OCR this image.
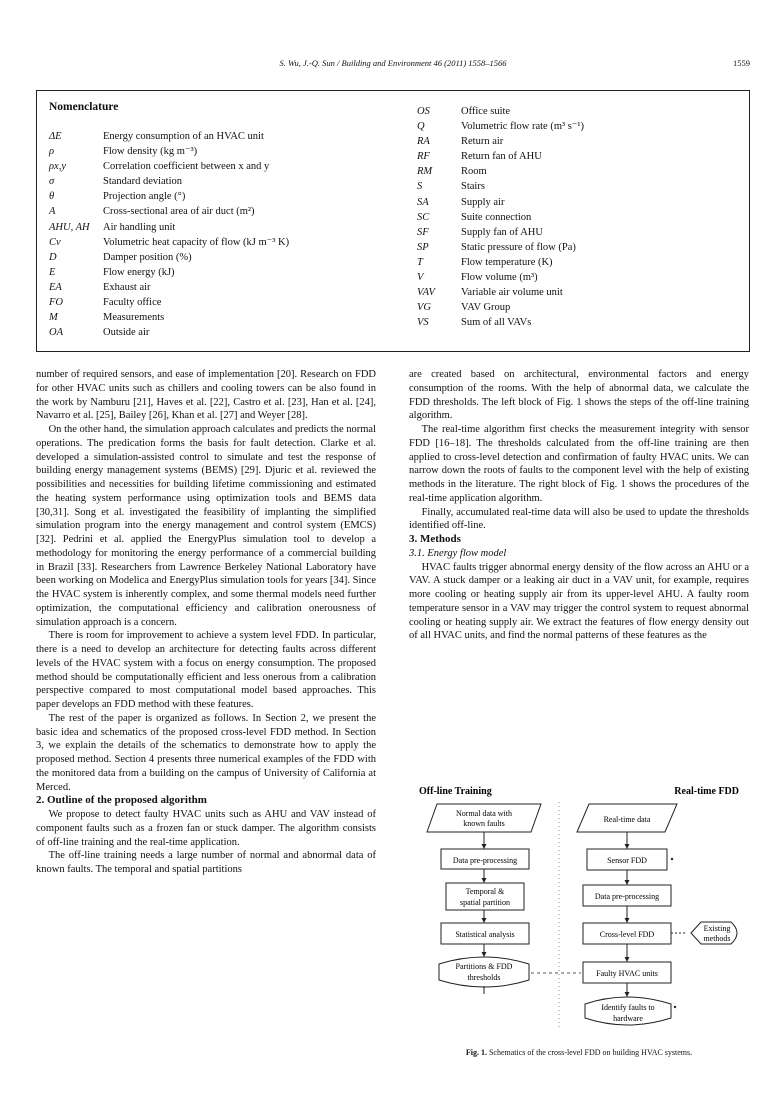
S. Wu, J.-Q. Sun / Building and Environment 46 (2011) 1558–1566	1559
Nomenclature
ΔE	Energy consumption of an HVAC unit
ρ	Flow density (kg m⁻³)
ρx,y	Correlation coefficient between x and y
σ	Standard deviation
θ	Projection angle (°)
A	Cross-sectional area of air duct (m²)
AHU, AH	Air handling unit
Cv	Volumetric heat capacity of flow (kJ m⁻³ K)
D	Damper position (%)
E	Flow energy (kJ)
EA	Exhaust air
FO	Faculty office
M	Measurements
OA	Outside air
OS	Office suite
Q	Volumetric flow rate (m³ s⁻¹)
RA	Return air
RF	Return fan of AHU
RM	Room
S	Stairs
SA	Supply air
SC	Suite connection
SF	Supply fan of AHU
SP	Static pressure of flow (Pa)
T	Flow temperature (K)
V	Flow volume (m³)
VAV	Variable air volume unit
VG	VAV Group
VS	Sum of all VAVs

number of required sensors, and ease of implementation [20]. Research on FDD for other HVAC units such as chillers and cooling towers can be also found in the work by Namburu [21], Haves et al. [22], Castro et al. [23], Han et al. [24], Navarro et al. [25], Bailey [26], Khan et al. [27] and Weyer [28].

On the other hand, the simulation approach calculates and predicts the normal operations. The predication forms the basis for fault detection. Clarke et al. developed a simulation-assisted control to simulate and test the response of building energy management systems (BEMS) [29]. Djuric et al. reviewed the possibilities and necessities for building lifetime commissioning and estimated the heating system performance using optimization tools and BEMS data [30,31]. Song et al. investigated the feasibility of implanting the simplified simulation program into the energy management and control system (EMCS) [32]. Pedrini et al. applied the EnergyPlus simulation tool to develop a methodology for monitoring the energy performance of a commercial building in Brazil [33]. Researchers from Lawrence Berkeley National Laboratory have been working on Modelica and EnergyPlus simulation tools for years [34]. Since the HVAC system is inherently complex, and some thermal models need further optimization, the computational efficiency and calibration onerousness of simulation approach is a concern.

There is room for improvement to achieve a system level FDD. In particular, there is a need to develop an architecture for detecting faults across different levels of the HVAC system with a focus on energy consumption. The proposed method should be computationally efficient and less onerous from a calibration perspective compared to most computational model based approaches. This paper develops an FDD method with these features.

The rest of the paper is organized as follows. In Section 2, we present the basic idea and schematics of the proposed cross-level FDD method. In Section 3, we explain the details of the schematics to demonstrate how to apply the proposed method. Section 4 presents three numerical examples of the FDD with the monitored data from a building on the campus of University of California at Merced.

2. Outline of the proposed algorithm

We propose to detect faulty HVAC units such as AHU and VAV instead of component faults such as a frozen fan or stuck damper. The algorithm consists of off-line training and the real-time application.

The off-line training needs a large number of normal and abnormal data of known faults. The temporal and spatial partitions

are created based on architectural, environmental factors and energy consumption of the rooms. With the help of abnormal data, we calculate the FDD thresholds. The left block of Fig. 1 shows the steps of the off-line training algorithm.

The real-time algorithm first checks the measurement integrity with sensor FDD [16–18]. The thresholds calculated from the off-line training are then applied to cross-level detection and confirmation of faulty HVAC units. We can narrow down the roots of faults to the component level with the help of existing methods in the literature. The right block of Fig. 1 shows the procedures of the real-time application algorithm.

Finally, accumulated real-time data will also be used to update the thresholds identified off-line.

3. Methods

3.1. Energy flow model

HVAC faults trigger abnormal energy density of the flow across an AHU or a VAV. A stuck damper or a leaking air duct in a VAV unit, for example, requires more cooling or heating supply air from its upper-level AHU. A faulty room temperature sensor in a VAV may trigger the control system to request abnormal cooling or heating supply air. We extract the features of flow energy density out of all HVAC units, and find the normal patterns of these features as the

Off-line Training	Real-time FDD
Normal data with
known faults
Data pre-processing
Temporal &
spatial partition
Statistical analysis
Partitions & FDD
thresholds
Real-time data
Sensor FDD
Data pre-processing
Cross-level FDD
Existing
methods
Faulty HVAC units
Identify faults to
hardware
Fig. 1. Schematics of the cross-level FDD on building HVAC systems.
